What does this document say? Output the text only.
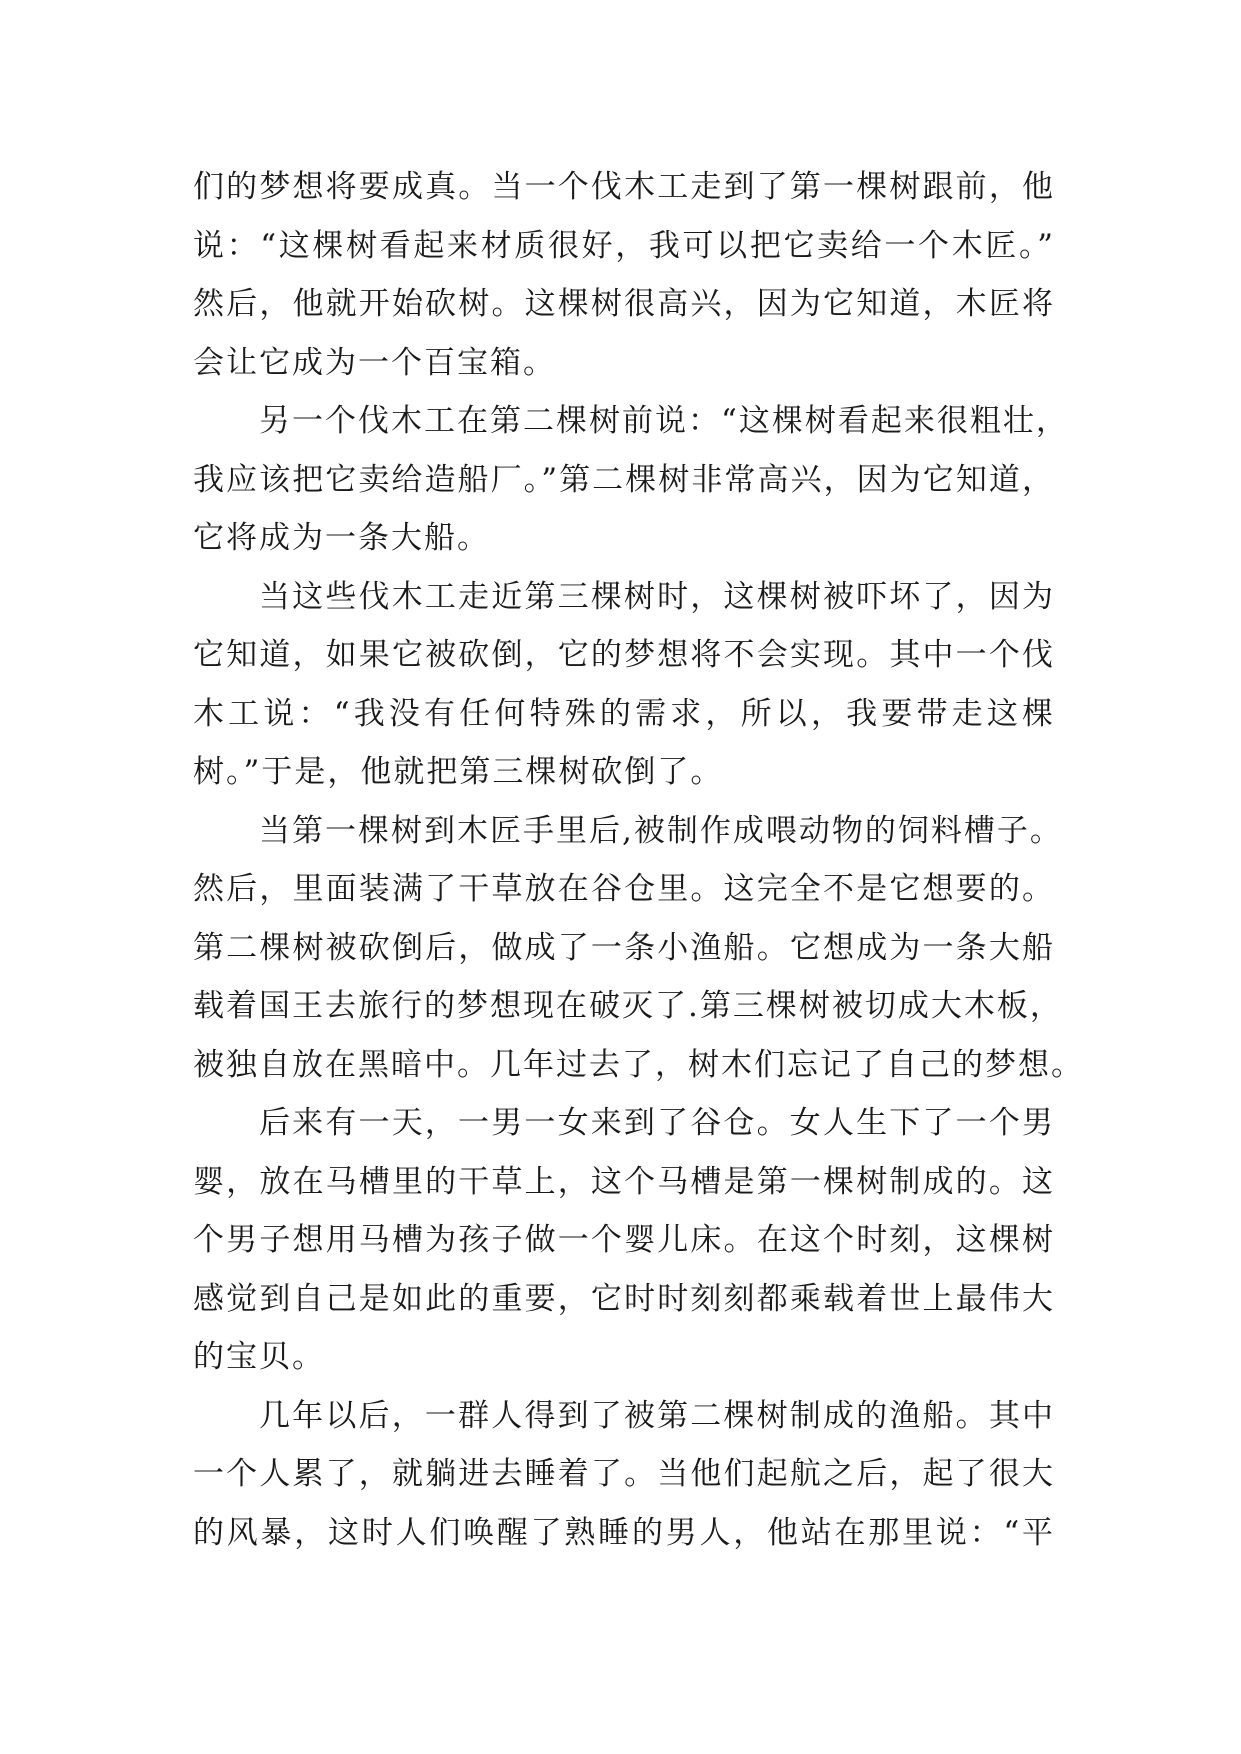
们的梦想将要成真。当一个伐木工走到了第一棵树跟前，他
说：“这棵树看起来材质很好，我可以把它卖给一个木匠。”
然后，他就开始砍树。这棵树很高兴，因为它知道，木匠将
会让它成为一个百宝箱。
另一个伐木工在第二棵树前说：“这棵树看起来很粗壮，
我应该把它卖给造船厂。”第二棵树非常高兴，因为它知道，
它将成为一条大船。
当这些伐木工走近第三棵树时，这棵树被吓坏了，因为
它知道，如果它被砍倒，它的梦想将不会实现。其中一个伐
木工说：“我没有任何特殊的需求，所以，我要带走这棵
树。”于是，他就把第三棵树砍倒了。
当第一棵树到木匠手里后,被制作成喂动物的饲料槽子。
然后，里面装满了干草放在谷仓里。这完全不是它想要的。
第二棵树被砍倒后，做成了一条小渔船。它想成为一条大船
载着国王去旅行的梦想现在破灭了.第三棵树被切成大木板，
被独自放在黑暗中。几年过去了，树木们忘记了自己的梦想。
后来有一天，一男一女来到了谷仓。女人生下了一个男
婴，放在马槽里的干草上，这个马槽是第一棵树制成的。这
个男子想用马槽为孩子做一个婴儿床。在这个时刻，这棵树
感觉到自己是如此的重要，它时时刻刻都乘载着世上最伟大
的宝贝。
几年以后，一群人得到了被第二棵树制成的渔船。其中
一个人累了，就躺进去睡着了。当他们起航之后，起了很大
的风暴，这时人们唤醒了熟睡的男人，他站在那里说：“平
